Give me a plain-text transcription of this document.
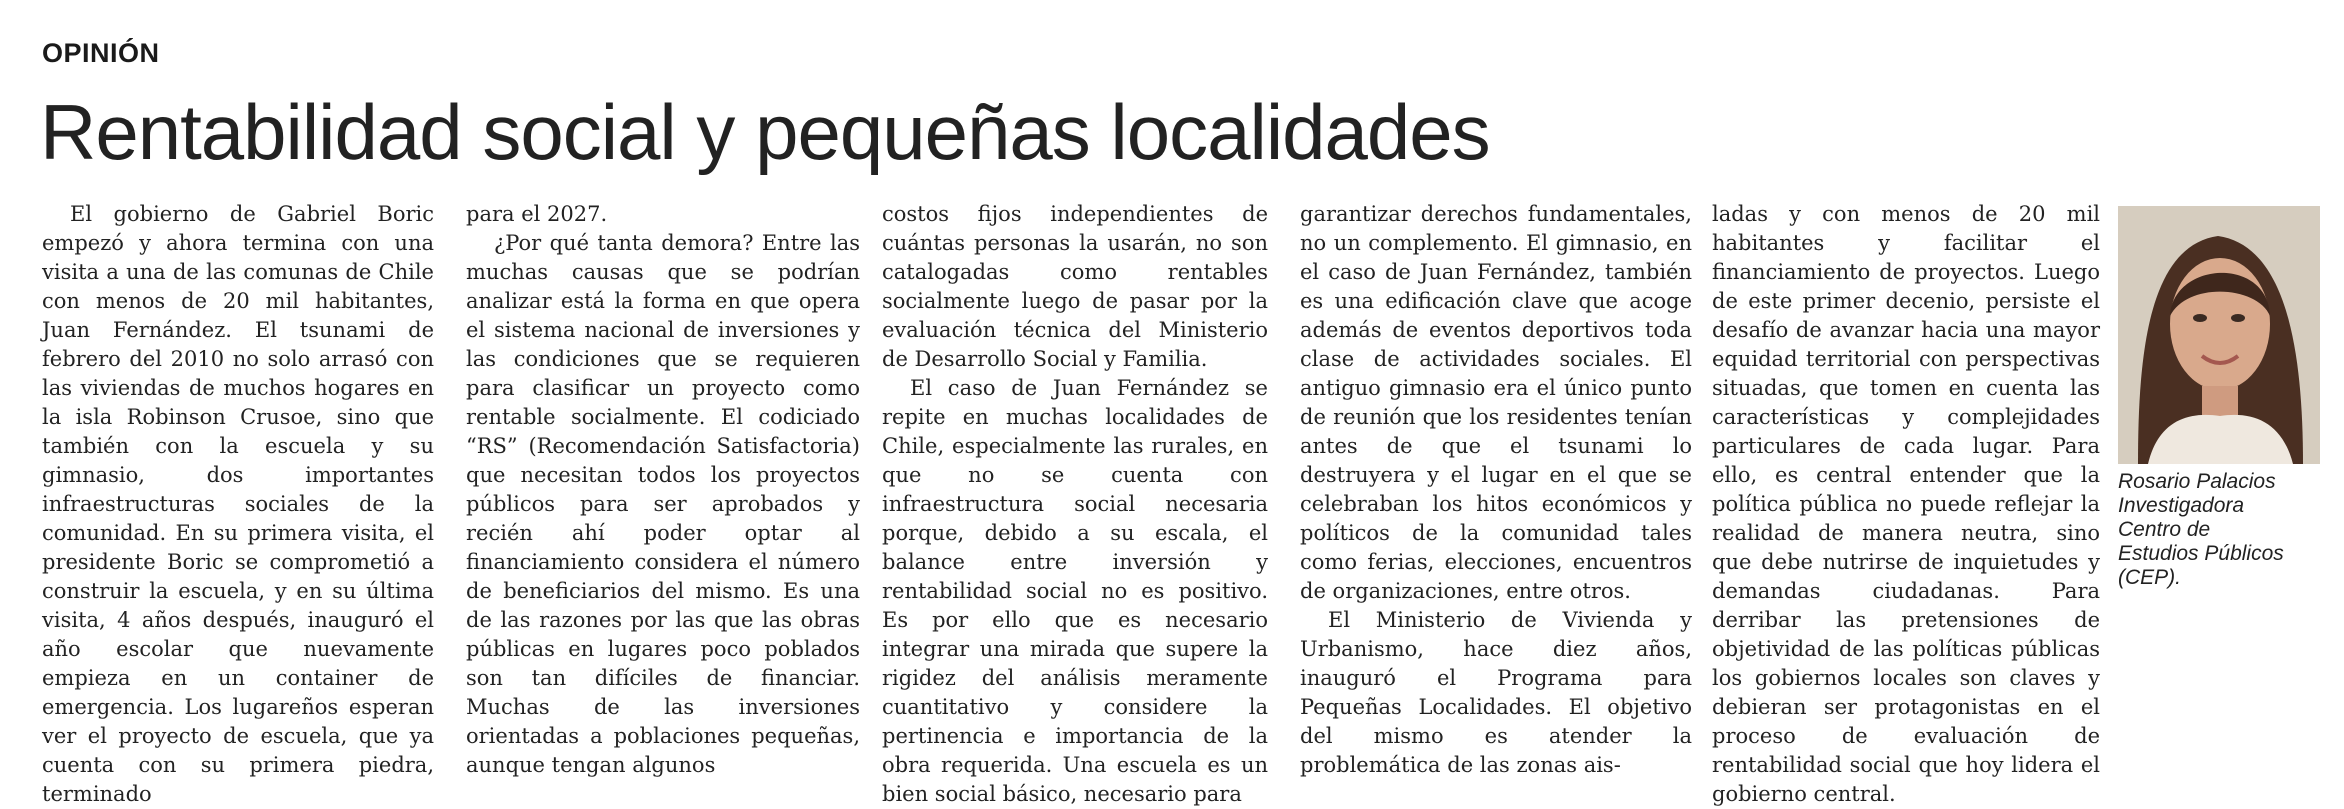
OPINIÓN
Rentabilidad social y pequeñas localidades

El gobierno de Gabriel Boric empezó y ahora termina con una visita a una de las comunas de Chile con menos de 20 mil habitantes, Juan Fernández. El tsunami de febrero del 2010 no solo arrasó con las viviendas de muchos hogares en la isla Robinson Crusoe, sino que también con la escuela y su gimnasio, dos importantes infraestructuras sociales de la comunidad. En su primera visita, el presidente Boric se comprometió a construir la escuela, y en su última visita, 4 años después, inauguró el año escolar que nuevamente empieza en un container de emergencia. Los lugareños esperan ver el proyecto de escuela, que ya cuenta con su primera piedra, terminado

para el 2027.

¿Por qué tanta demora? Entre las muchas causas que se podrían analizar está la forma en que opera el sistema nacional de inversiones y las condiciones que se requieren para clasificar un proyecto como rentable socialmente. El codiciado “RS” (Recomendación Satisfactoria) que necesitan todos los proyectos públicos para ser aprobados y recién ahí poder optar al financiamiento considera el número de beneficiarios del mismo. Es una de las razones por las que las obras públicas en lugares poco poblados son tan difíciles de financiar. Muchas de las inversiones orientadas a poblaciones pequeñas, aunque tengan algunos

costos fijos independientes de cuántas personas la usarán, no son catalogadas como rentables socialmente luego de pasar por la evaluación técnica del Ministerio de Desarrollo Social y Familia.

El caso de Juan Fernández se repite en muchas localidades de Chile, especialmente las rurales, en que no se cuenta con infraestructura social necesaria porque, debido a su escala, el balance entre inversión y rentabilidad social no es positivo. Es por ello que es necesario integrar una mirada que supere la rigidez del análisis meramente cuantitativo y considere la pertinencia e importancia de la obra requerida. Una escuela es un bien social básico, necesario para

garantizar derechos fundamentales, no un complemento. El gimnasio, en el caso de Juan Fernández, también es una edificación clave que acoge además de eventos deportivos toda clase de actividades sociales. El antiguo gimnasio era el único punto de reunión que los residentes tenían antes de que el tsunami lo destruyera y el lugar en el que se celebraban los hitos económicos y políticos de la comunidad tales como ferias, elecciones, encuentros de organizaciones, entre otros.

El Ministerio de Vivienda y Urbanismo, hace diez años, inauguró el Programa para Pequeñas Localidades. El objetivo del mismo es atender la problemática de las zonas ais-

ladas y con menos de 20 mil habitantes y facilitar el financiamiento de proyectos. Luego de este primer decenio, persiste el desafío de avanzar hacia una mayor equidad territorial con perspectivas situadas, que tomen en cuenta las características y complejidades particulares de cada lugar. Para ello, es central entender que la política pública no puede reflejar la realidad de manera neutra, sino que debe nutrirse de inquietudes y demandas ciudadanas. Para derribar las pretensiones de objetividad de las políticas públicas los gobiernos locales son claves y debieran ser protagonistas en el proceso de evaluación de rentabilidad social que hoy lidera el gobierno central.

Rosario Palacios
Investigadora
Centro de
Estudios Públicos
(CEP).
